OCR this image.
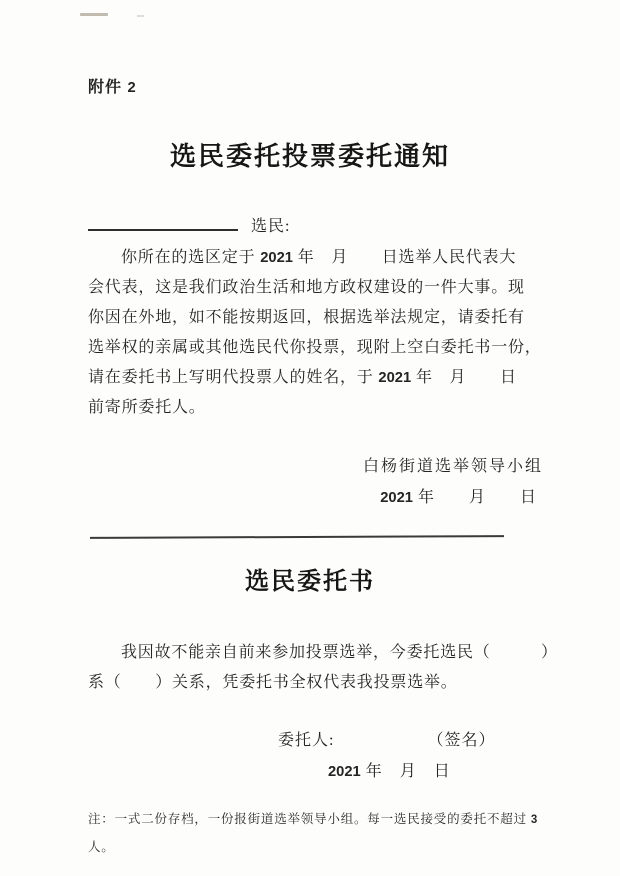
附件 2
选民委托投票委托通知
选民:
你所在的选区定于 2021 年　月　　日选举人民代表大
会代表，这是我们政治生活和地方政权建设的一件大事。现
你因在外地，如不能按期返回，根据选举法规定，请委托有
选举权的亲属或其他选民代你投票，现附上空白委托书一份，
请在委托书上写明代投票人的姓名，于 2021 年　月　　日
前寄所委托人。
白杨街道选举领导小组
2021 年　　月　　日
选民委托书
我因故不能亲自前来参加投票选举，今委托选民（　　　）
系（　　）关系，凭委托书全权代表我投票选举。
委托人:	（签名）
2021 年　月　日
注：一式二份存档，一份报街道选举领导小组。每一选民接受的委托不超过 3
人。
